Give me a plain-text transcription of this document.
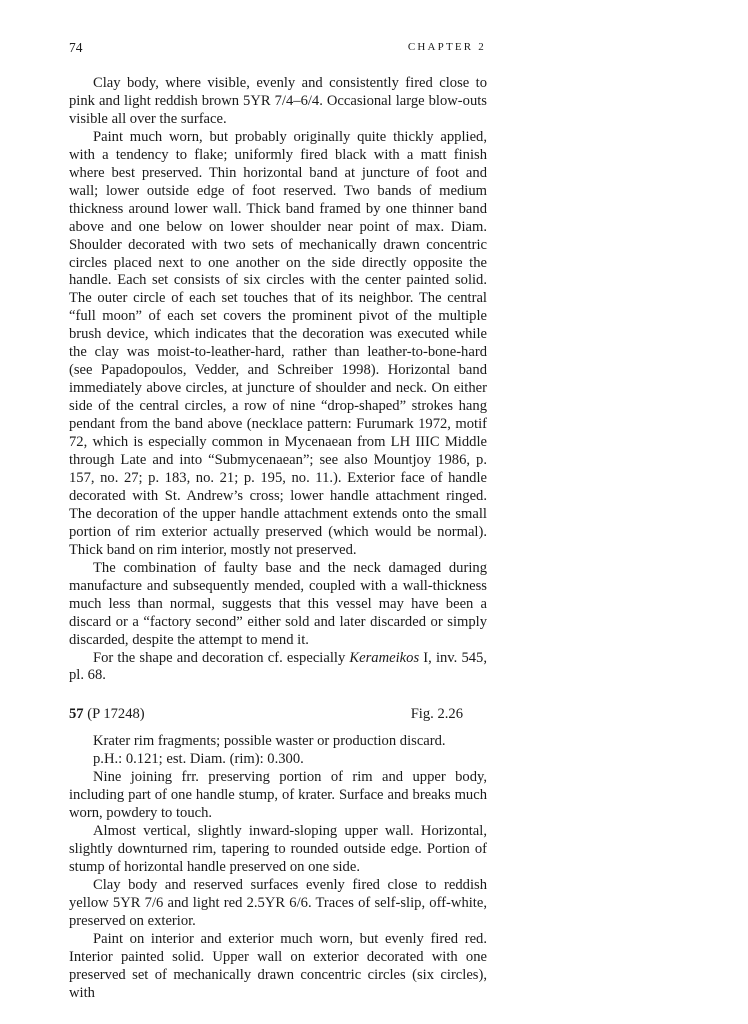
74	CHAPTER 2

Clay body, where visible, evenly and consistently fired close to pink and light reddish brown 5YR 7/4–6/4. Occasional large blow-outs visible all over the surface.

Paint much worn, but probably originally quite thickly applied, with a tendency to flake; uniformly fired black with a matt finish where best preserved. Thin horizontal band at juncture of foot and wall; lower outside edge of foot reserved. Two bands of medium thickness around lower wall. Thick band framed by one thinner band above and one below on lower shoulder near point of max. Diam. Shoulder decorated with two sets of mechanically drawn concentric circles placed next to one another on the side directly opposite the handle. Each set consists of six circles with the center painted solid. The outer circle of each set touches that of its neighbor. The central “full moon” of each set covers the prominent pivot of the multiple brush device, which indicates that the decoration was executed while the clay was moist-to-leather-hard, rather than leather-to-bone-hard (see Papadopoulos, Vedder, and Schreiber 1998). Horizontal band immediately above circles, at juncture of shoulder and neck. On either side of the central circles, a row of nine “drop-shaped” strokes hang pendant from the band above (necklace pattern: Furumark 1972, motif 72, which is especially common in Mycenaean from LH IIIC Middle through Late and into “Submycenaean”; see also Mountjoy 1986, p. 157, no. 27; p. 183, no. 21; p. 195, no. 11.). Exterior face of handle decorated with St. Andrew’s cross; lower handle attachment ringed. The decoration of the upper handle attachment extends onto the small portion of rim exterior actually preserved (which would be normal). Thick band on rim interior, mostly not preserved.

The combination of faulty base and the neck damaged during manufacture and subsequently mended, coupled with a wall-thickness much less than normal, suggests that this vessel may have been a discard or a “factory second” either sold and later discarded or simply discarded, despite the attempt to mend it.

For the shape and decoration cf. especially Kerameikos I, inv. 545, pl. 68.

57 (P 17248)	Fig. 2.26

Krater rim fragments; possible waster or production discard.

p.H.: 0.121; est. Diam. (rim): 0.300.

Nine joining frr. preserving portion of rim and upper body, including part of one handle stump, of krater. Surface and breaks much worn, powdery to touch.

Almost vertical, slightly inward-sloping upper wall. Horizontal, slightly downturned rim, tapering to rounded outside edge. Portion of stump of horizontal handle preserved on one side.

Clay body and reserved surfaces evenly fired close to reddish yellow 5YR 7/6 and light red 2.5YR 6/6. Traces of self-slip, off-white, preserved on exterior.

Paint on interior and exterior much worn, but evenly fired red. Interior painted solid. Upper wall on exterior decorated with one preserved set of mechanically drawn concentric circles (six circles), with
